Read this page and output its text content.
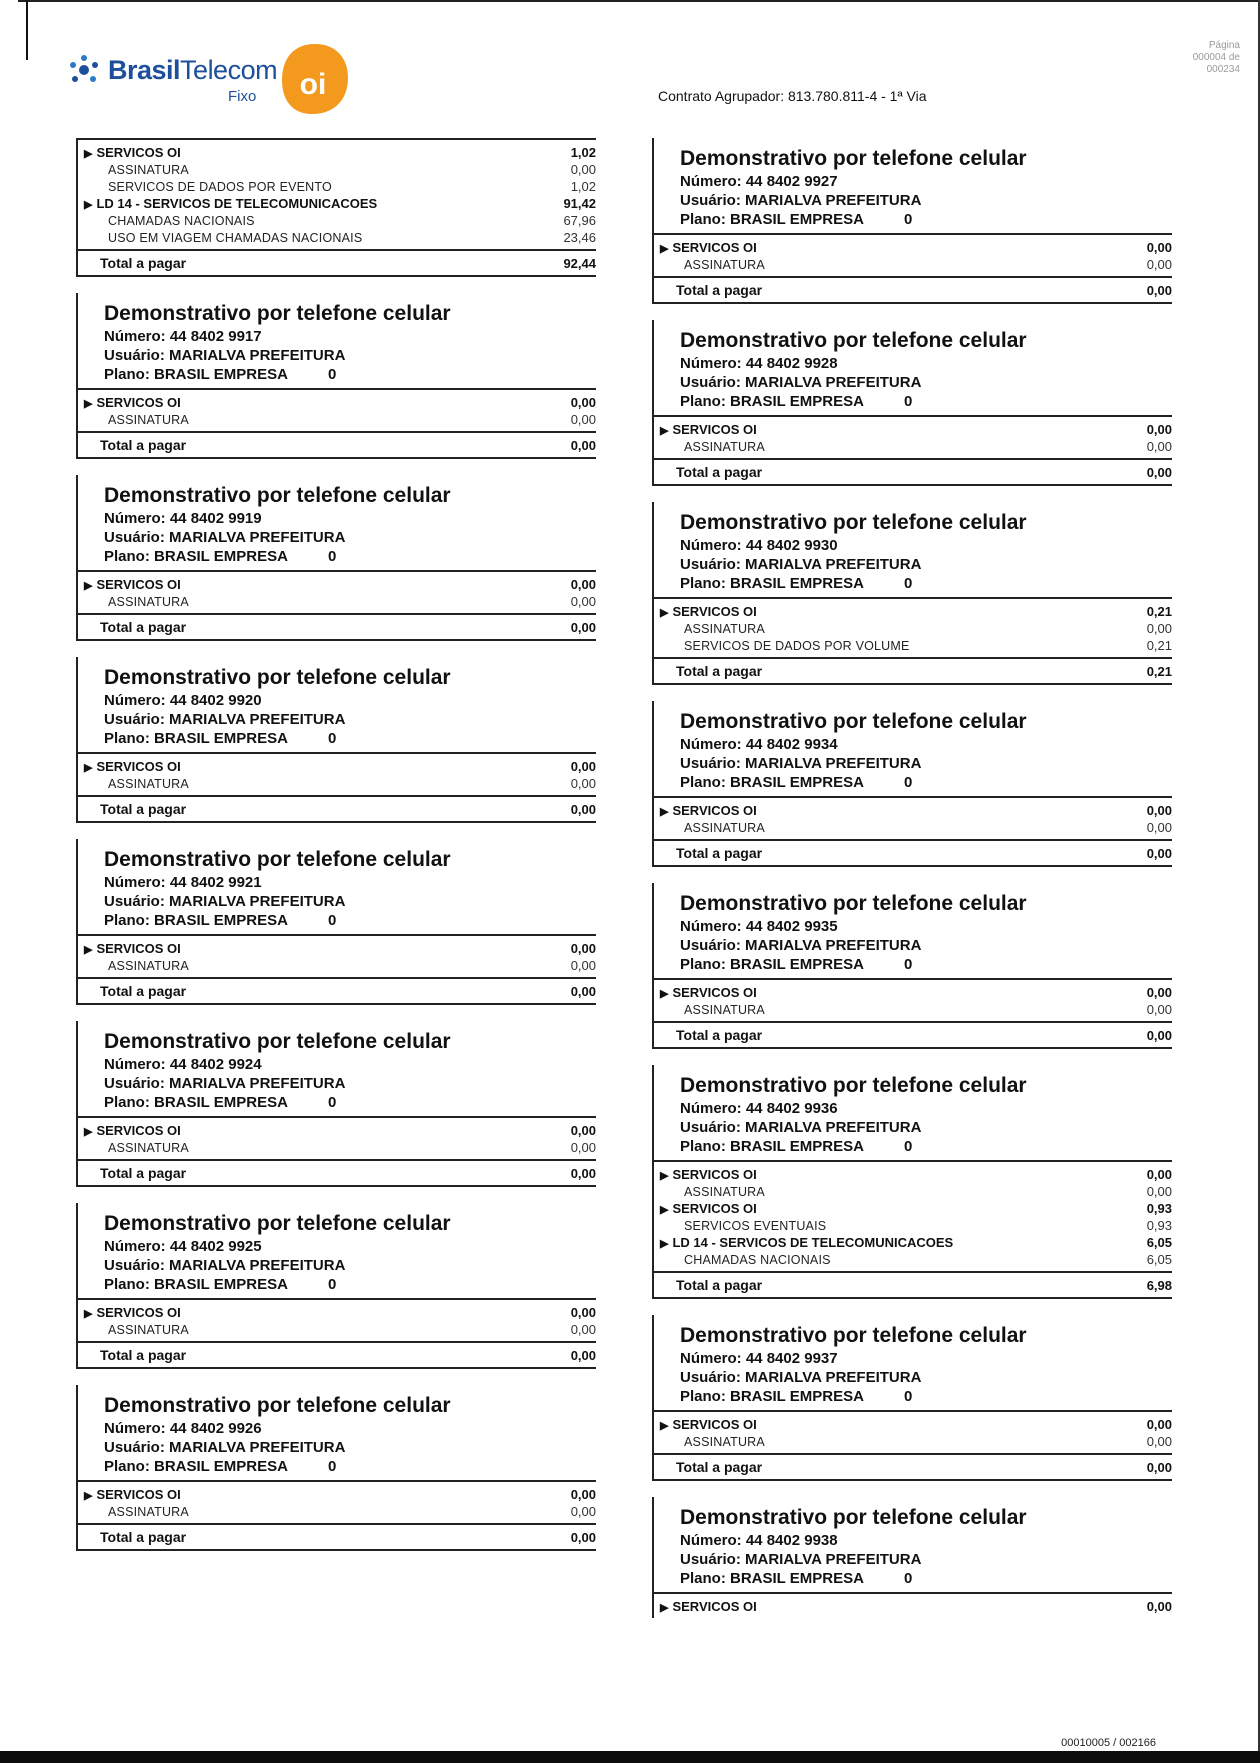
Página
000004 de
000234
BrasilTelecom
Fixo oi	Contrato Agrupador: 813.780.811-4 - 1ª Via
▶ SERVICOS OI	1,02
ASSINATURA	0,00
SERVICOS DE DADOS POR EVENTO	1,02
▶ LD 14 - SERVICOS DE TELECOMUNICACOES	91,42
CHAMADAS NACIONAIS	67,96
USO EM VIAGEM CHAMADAS NACIONAIS	23,46
Total a pagar	92,44
Demonstrativo por telefone celular
Número: 44 8402 9917
Usuário: MARIALVA PREFEITURA
Plano: BRASIL EMPRESA	0
▶ SERVICOS OI	0,00
ASSINATURA	0,00
Total a pagar	0,00
Demonstrativo por telefone celular
Número: 44 8402 9919
Usuário: MARIALVA PREFEITURA
Plano: BRASIL EMPRESA	0
▶ SERVICOS OI	0,00
ASSINATURA	0,00
Total a pagar	0,00
Demonstrativo por telefone celular
Número: 44 8402 9920
Usuário: MARIALVA PREFEITURA
Plano: BRASIL EMPRESA	0
▶ SERVICOS OI	0,00
ASSINATURA	0,00
Total a pagar	0,00
Demonstrativo por telefone celular
Número: 44 8402 9921
Usuário: MARIALVA PREFEITURA
Plano: BRASIL EMPRESA	0
▶ SERVICOS OI	0,00
ASSINATURA	0,00
Total a pagar	0,00
Demonstrativo por telefone celular
Número: 44 8402 9924
Usuário: MARIALVA PREFEITURA
Plano: BRASIL EMPRESA	0
▶ SERVICOS OI	0,00
ASSINATURA	0,00
Total a pagar	0,00
Demonstrativo por telefone celular
Número: 44 8402 9925
Usuário: MARIALVA PREFEITURA
Plano: BRASIL EMPRESA	0
▶ SERVICOS OI	0,00
ASSINATURA	0,00
Total a pagar	0,00
Demonstrativo por telefone celular
Número: 44 8402 9926
Usuário: MARIALVA PREFEITURA
Plano: BRASIL EMPRESA	0
▶ SERVICOS OI	0,00
ASSINATURA	0,00
Total a pagar	0,00
Demonstrativo por telefone celular
Número: 44 8402 9927
Usuário: MARIALVA PREFEITURA
Plano: BRASIL EMPRESA	0
▶ SERVICOS OI	0,00
ASSINATURA	0,00
Total a pagar	0,00
Demonstrativo por telefone celular
Número: 44 8402 9928
Usuário: MARIALVA PREFEITURA
Plano: BRASIL EMPRESA	0
▶ SERVICOS OI	0,00
ASSINATURA	0,00
Total a pagar	0,00
Demonstrativo por telefone celular
Número: 44 8402 9930
Usuário: MARIALVA PREFEITURA
Plano: BRASIL EMPRESA	0
▶ SERVICOS OI	0,21
ASSINATURA	0,00
SERVICOS DE DADOS POR VOLUME	0,21
Total a pagar	0,21
Demonstrativo por telefone celular
Número: 44 8402 9934
Usuário: MARIALVA PREFEITURA
Plano: BRASIL EMPRESA	0
▶ SERVICOS OI	0,00
ASSINATURA	0,00
Total a pagar	0,00
Demonstrativo por telefone celular
Número: 44 8402 9935
Usuário: MARIALVA PREFEITURA
Plano: BRASIL EMPRESA	0
▶ SERVICOS OI	0,00
ASSINATURA	0,00
Total a pagar	0,00
Demonstrativo por telefone celular
Número: 44 8402 9936
Usuário: MARIALVA PREFEITURA
Plano: BRASIL EMPRESA	0
▶ SERVICOS OI	0,00
ASSINATURA	0,00
▶ SERVICOS OI	0,93
SERVICOS EVENTUAIS	0,93
▶ LD 14 - SERVICOS DE TELECOMUNICACOES	6,05
CHAMADAS NACIONAIS	6,05
Total a pagar	6,98
Demonstrativo por telefone celular
Número: 44 8402 9937
Usuário: MARIALVA PREFEITURA
Plano: BRASIL EMPRESA	0
▶ SERVICOS OI	0,00
ASSINATURA	0,00
Total a pagar	0,00
Demonstrativo por telefone celular
Número: 44 8402 9938
Usuário: MARIALVA PREFEITURA
Plano: BRASIL EMPRESA	0
▶ SERVICOS OI	0,00
00010005 / 002166
